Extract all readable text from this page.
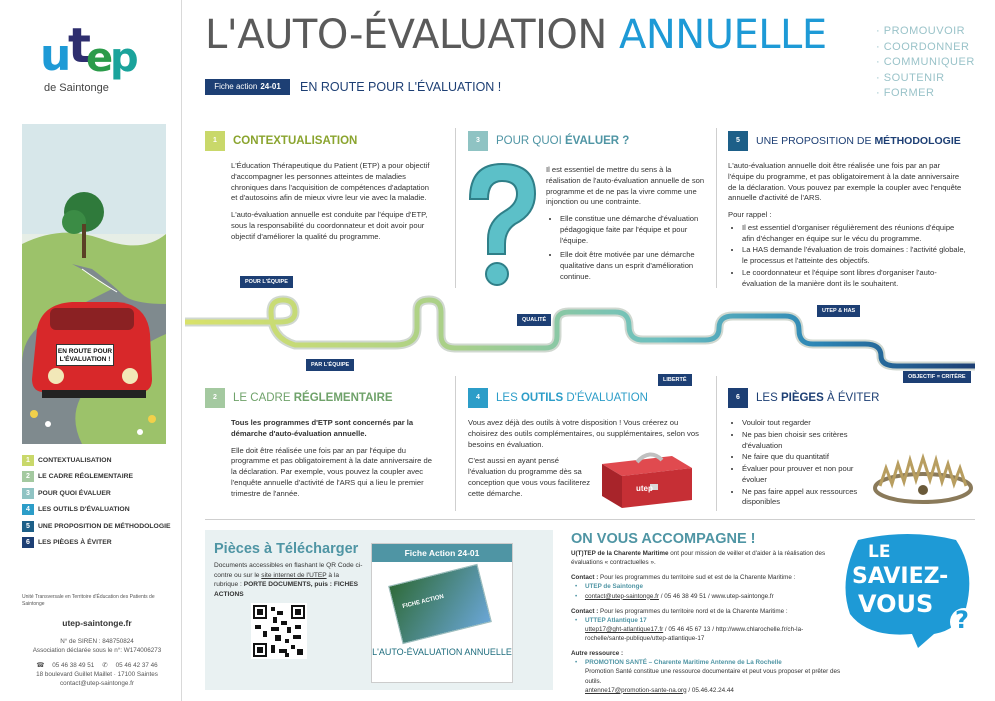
u
t
e
p
de Saintonge
EN ROUTE POUR L'ÉVALUATION !
1	CONTEXTUALISATION
2	LE CADRE RÉGLEMENTAIRE
3	POUR QUOI ÉVALUER
4	LES OUTILS D'ÉVALUATION
5	UNE PROPOSITION DE MÉTHODOLOGIE
6	LES PIÈGES À ÉVITER
Unité Transversale en Territoire d'Éducation des Patients de Saintonge
utep-saintonge.fr
N° de SIREN : 848750824
Association déclarée sous le n°: W174006273
☎ 05 46 38 49 51 ✆ 05 46 42 37 46
18 boulevard Guillet Maillet · 17100 Saintes
contact@utep-saintonge.fr
L'AUTO-ÉVALUATION ANNUELLE
Fiche action 24-01	EN ROUTE POUR L'ÉVALUATION !
· PROMOUVOIR
· COORDONNER
· COMMUNIQUER
· SOUTENIR
· FORMER
1	CONTEXTUALISATION

L'Éducation Thérapeutique du Patient (ETP) a pour objectif d'accompagner les personnes atteintes de maladies chroniques dans l'acquisition de compétences d'adaptation et d'autosoins afin de mieux vivre leur vie avec la maladie.

L'auto-évaluation annuelle est conduite par l'équipe d'ETP, sous la responsabilité du coordonnateur et doit avoir pour objectif d'améliorer la qualité du programme.

3	POUR QUOI ÉVALUER ?

Il est essentiel de mettre du sens à la réalisation de l'auto-évaluation annuelle de son programme et de ne pas la vivre comme une injonction ou une contrainte.

• Elle constitue une démarche d'évaluation pédagogique faite par l'équipe et pour l'équipe.
• Elle doit être motivée par une démarche qualitative dans un esprit d'amélioration continue.
5	UNE PROPOSITION DE MÉTHODOLOGIE

L'auto-évaluation annuelle doit être réalisée une fois par an par l'équipe du programme, et pas obligatoirement à la date anniversaire de la déclaration. Vous pouvez par exemple la coupler avec l'enquête annuelle d'activité de l'ARS.

Pour rappel :

• Il est essentiel d'organiser régulièrement des réunions d'équipe afin d'échanger en équipe sur le vécu du programme.
• La HAS demande l'évaluation de trois domaines : l'activité globale, le processus et l'atteinte des objectifs.
• Le coordonnateur et l'équipe sont libres d'organiser l'auto-évaluation de la manière dont ils le souhaitent.
POUR L'ÉQUIPE
PAR L'ÉQUIPE
QUALITÉ
LIBERTÉ
UTEP & HAS
OBJECTIF = CRITÈRE
2	LE CADRE RÉGLEMENTAIRE

Tous les programmes d'ETP sont concernés par la démarche d'auto-évaluation annuelle.

Elle doit être réalisée une fois par an par l'équipe du programme et pas obligatoirement à la date anniversaire de la déclaration. Par exemple, vous pouvez la coupler avec l'enquête annuelle d'activité de l'ARS qui a lieu le premier trimestre de l'année.

4	LES OUTILS D'ÉVALUATION

Vous avez déjà des outils à votre disposition ! Vous créerez ou choisirez des outils complémentaires, ou supplémentaires, selon vos besoins en évaluation.

C'est aussi en ayant pensé l'évaluation du programme dès sa conception que vous vous faciliterez cette démarche.

utep
6	LES PIÈGES À ÉVITER
• Vouloir tout regarder
• Ne pas bien choisir ses critères d'évaluation
• Ne faire que du quantitatif
• Évaluer pour prouver et non pour évoluer
• Ne pas faire appel aux ressources disponibles
Pièces à Télécharger
Documents accessibles en flashant le QR Code ci-contre ou sur le site internet de l'UTEP à la rubrique : PORTE DOCUMENTS, puis : FICHES ACTIONS
Fiche Action 24-01
FICHE ACTION
L'AUTO-ÉVALUATION ANNUELLE
ON VOUS ACCOMPAGNE !
U(T)TEP de la Charente Maritime ont pour mission de veiller et d'aider à la réalisation des évaluations « contractuelles ».
Contact : Pour les programmes du territoire sud et est de la Charente Maritime :
• UTEP de Saintonge
• contact@utep-saintonge.fr / 05 46 38 49 51 / www.utep-saintonge.fr
Contact : Pour les programmes du territoire nord et de la Charente Maritime :
• UTTEP Atlantique 17
uttep17@ght-atlantique17.fr / 05 46 45 67 13 / http://www.chlarochelle.fr/ch-la-rochelle/sante-publique/uttep-atlantique-17
Autre ressource :
• PROMOTION SANTÉ – Charente Maritime Antenne de La Rochelle
Promotion Santé constitue une ressource documentaire et peut vous proposer et prêter des outils.
antenne17@promotion-sante-na.org / 05.46.42.24.44
LE
SAVIEZ-
VOUS
?
